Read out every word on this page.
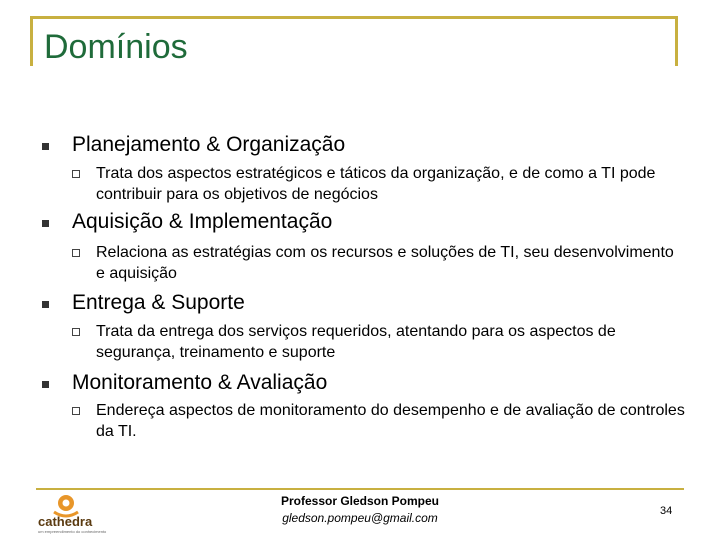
Domínios
Planejamento & Organização
Trata dos aspectos estratégicos e táticos da organização, e de como a TI pode contribuir para os objetivos de negócios
Aquisição & Implementação
Relaciona as estratégias com os recursos e soluções de TI, seu desenvolvimento e aquisição
Entrega & Suporte
Trata da entrega dos serviços requeridos, atentando para os aspectos de segurança, treinamento e suporte
Monitoramento & Avaliação
Endereça aspectos de monitoramento do desempenho e de avaliação de controles da TI.
cathedra
um empreendimento do conhecimento
Professor Gledson Pompeu
gledson.pompeu@gmail.com	34
